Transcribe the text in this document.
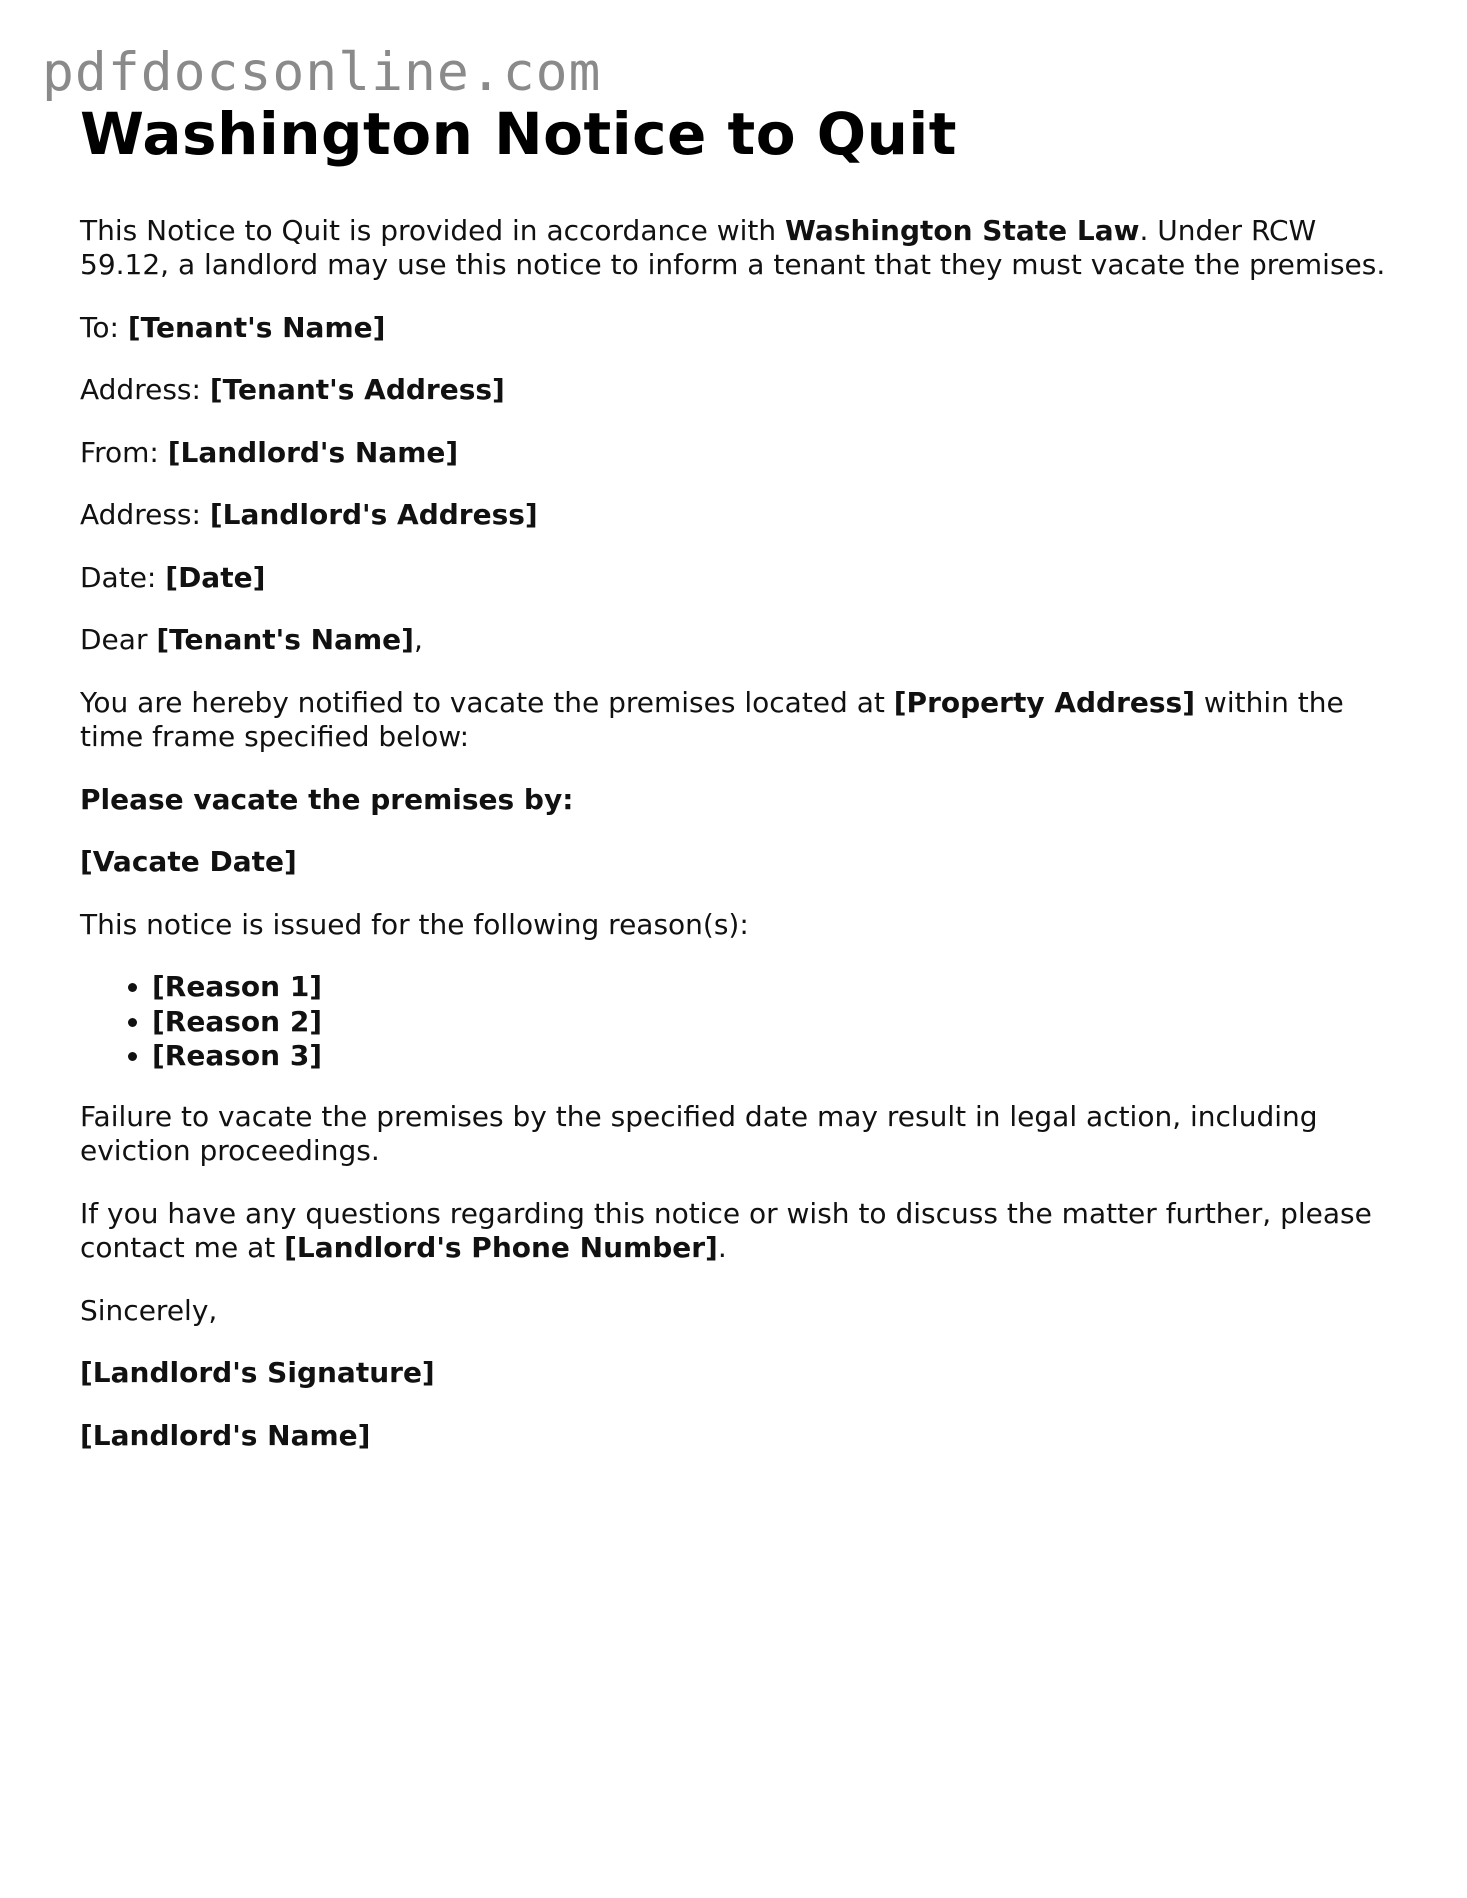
pdfdocsonline.com
Washington Notice to Quit

This Notice to Quit is provided in accordance with Washington State Law. Under RCW 59.12, a landlord may use this notice to inform a tenant that they must vacate the premises.

To: [Tenant's Name]

Address: [Tenant's Address]

From: [Landlord's Name]

Address: [Landlord's Address]

Date: [Date]

Dear [Tenant's Name],

You are hereby notified to vacate the premises located at [Property Address] within the time frame specified below:

Please vacate the premises by:

[Vacate Date]

This notice is issued for the following reason(s):

• [Reason 1]
• [Reason 2]
• [Reason 3]

Failure to vacate the premises by the specified date may result in legal action, including eviction proceedings.

If you have any questions regarding this notice or wish to discuss the matter further, please contact me at [Landlord's Phone Number].

Sincerely,

[Landlord's Signature]

[Landlord's Name]
